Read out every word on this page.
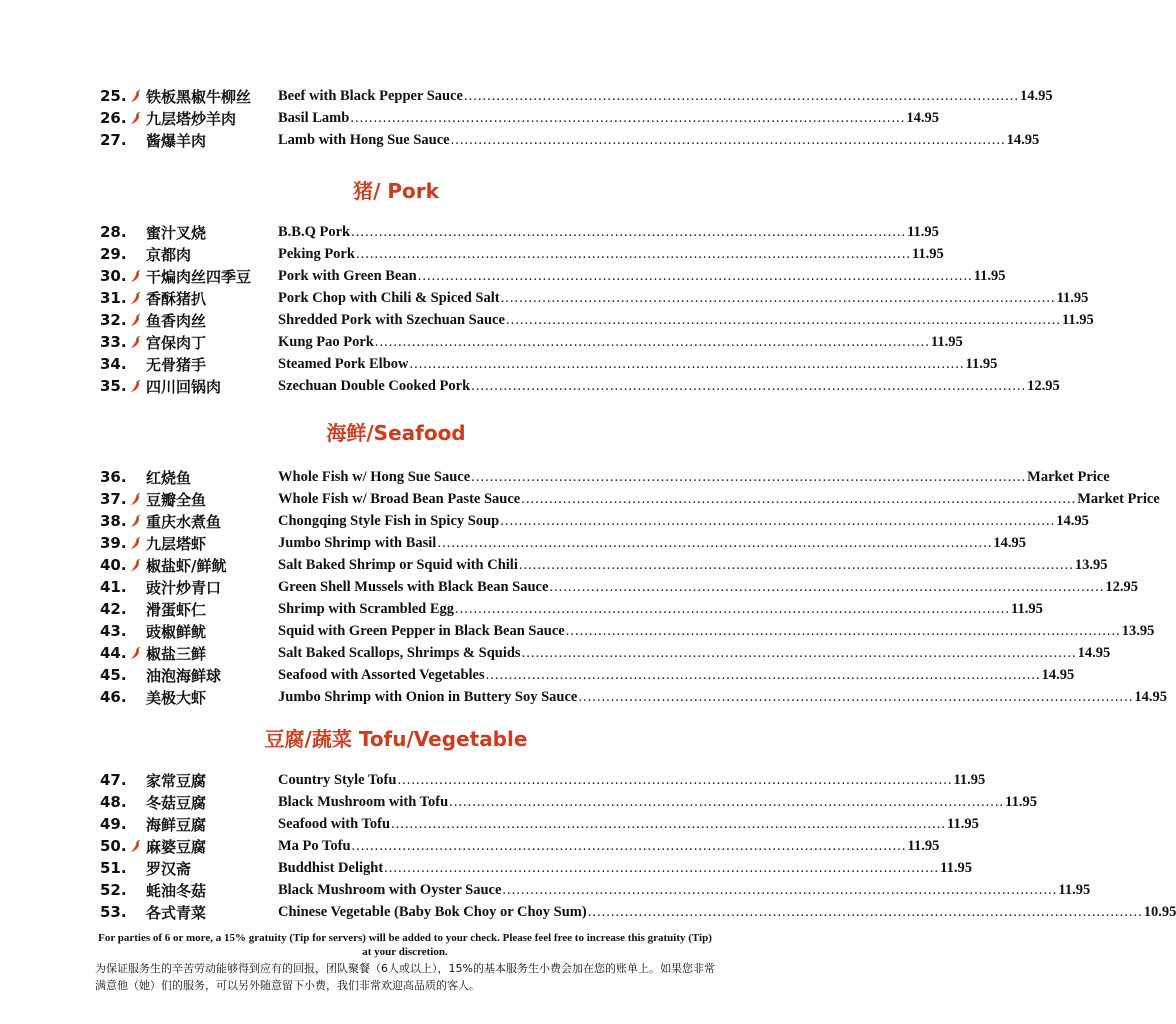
25. 铁板黑椒牛柳丝 Beef with Black Pepper Sauce ........................................................................................................................ 14.95
26. 九层塔炒羊肉	Basil Lamb ........................................................................................................................ 14.95
27. 酱爆羊肉	Lamb with Hong Sue Sauce ........................................................................................................................ 14.95
猪/ Pork
28. 蜜汁叉烧	B.B.Q Pork ........................................................................................................................ 11.95
29. 京都肉	Peking Pork ........................................................................................................................ 11.95
30. 干煸肉丝四季豆 Pork with Green Bean ........................................................................................................................ 11.95
31. 香酥猪扒	Pork Chop with Chili & Spiced Salt ........................................................................................................................ 11.95
32. 鱼香肉丝	Shredded Pork with Szechuan Sauce ........................................................................................................................ 11.95
33. 宫保肉丁	Kung Pao Pork ........................................................................................................................ 11.95
34. 无骨猪手	Steamed Pork Elbow ........................................................................................................................ 11.95
35. 四川回锅肉	Szechuan Double Cooked Pork ........................................................................................................................ 12.95
海鲜/Seafood
36. 红烧鱼	Whole Fish w/ Hong Sue Sauce ........................................................................................................................ Market Price
37. 豆瓣全鱼	Whole Fish w/ Broad Bean Paste Sauce ........................................................................................................................ Market Price
38. 重庆水煮鱼	Chongqing Style Fish in Spicy Soup ........................................................................................................................ 14.95
39. 九层塔虾	Jumbo Shrimp with Basil ........................................................................................................................ 14.95
40. 椒盐虾/鲜鱿	Salt Baked Shrimp or Squid with Chili ........................................................................................................................ 13.95
41. 豉汁炒青口	Green Shell Mussels with Black Bean Sauce ........................................................................................................................ 12.95
42. 滑蛋虾仁	Shrimp with Scrambled Egg ........................................................................................................................ 11.95
43. 豉椒鲜鱿	Squid with Green Pepper in Black Bean Sauce ........................................................................................................................ 13.95
44. 椒盐三鲜	Salt Baked Scallops, Shrimps & Squids ........................................................................................................................ 14.95
45. 油泡海鲜球	Seafood with Assorted Vegetables ........................................................................................................................ 14.95
46. 美极大虾	Jumbo Shrimp with Onion in Buttery Soy Sauce ........................................................................................................................ 14.95
豆腐/蔬菜 Tofu/Vegetable
47. 家常豆腐	Country Style Tofu ........................................................................................................................ 11.95
48. 冬菇豆腐	Black Mushroom with Tofu ........................................................................................................................ 11.95
49. 海鲜豆腐	Seafood with Tofu ........................................................................................................................ 11.95
50. 麻婆豆腐	Ma Po Tofu ........................................................................................................................ 11.95
51. 罗汉斋	Buddhist Delight ........................................................................................................................ 11.95
52. 蚝油冬菇	Black Mushroom with Oyster Sauce ........................................................................................................................ 11.95
53. 各式青菜	Chinese Vegetable (Baby Bok Choy or Choy Sum) ........................................................................................................................ 10.95

For parties of 6 or more, a 15% gratuity (Tip for servers) will be added to your check. Please feel free to increase this gratuity (Tip) at your discretion.

为保证服务生的辛苦劳动能够得到应有的回报，团队聚餐（6人或以上），15%的基本服务生小费会加在您的账单上。如果您非常满意他（她）们的服务，可以另外随意留下小费，我们非常欢迎高品质的客人。
